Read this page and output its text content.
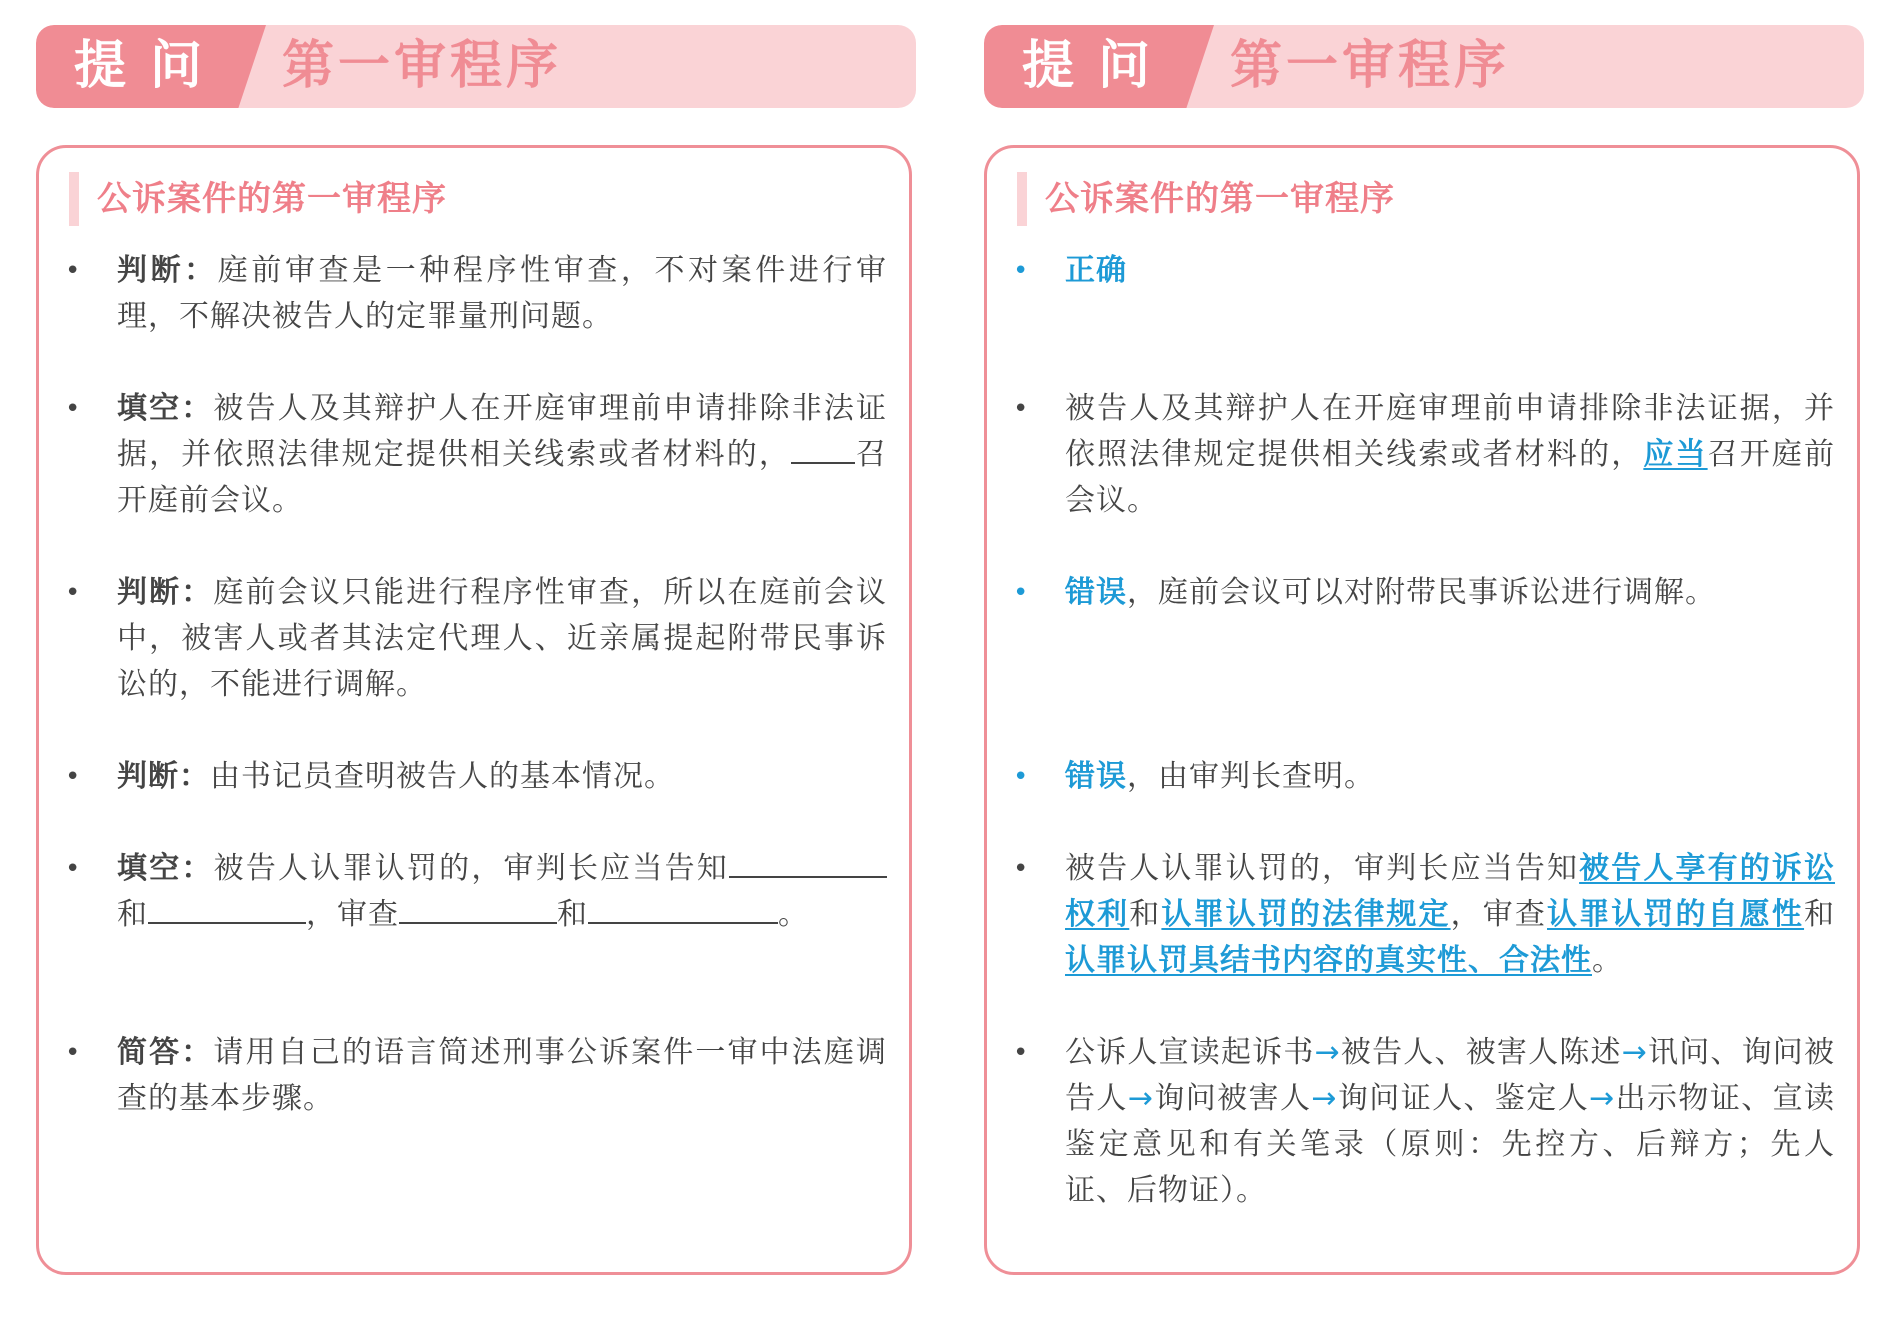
提问 第一审程序
公诉案件的第一审程序
• 判断：庭前审查是一种程序性审查，不对案件进行审理，不解决被告人的定罪量刑问题。
• 填空：被告人及其辩护人在开庭审理前申请排除非法证据，并依照法律规定提供相关线索或者材料的， 召开庭前会议。
• 判断：庭前会议只能进行程序性审查，所以在庭前会议中，被害人或者其法定代理人、近亲属提起附带民事诉讼的，不能进行调解。
• 判断：由书记员查明被告人的基本情况。
• 填空：被告人认罪认罚的，审判长应当告知和	，审查	和	。
• 简答：请用自己的语言简述刑事公诉案件一审中法庭调查的基本步骤。
提问 第一审程序
公诉案件的第一审程序
• 正确
• 被告人及其辩护人在开庭审理前申请排除非法证据，并依照法律规定提供相关线索或者材料的，应当召开庭前会议。
• 错误，庭前会议可以对附带民事诉讼进行调解。
• 错误，由审判长查明。
• 被告人认罪认罚的，审判长应当告知被告人享有的诉讼权利和认罪认罚的法律规定，审查认罪认罚的自愿性和认罪认罚具结书内容的真实性、合法性。
• 公诉人宣读起诉书→被告人、被害人陈述→讯问、询问被告人→询问被害人→询问证人、鉴定人→出示物证、宣读鉴定意见和有关笔录（原则：先控方、后辩方；先人证、后物证）。
